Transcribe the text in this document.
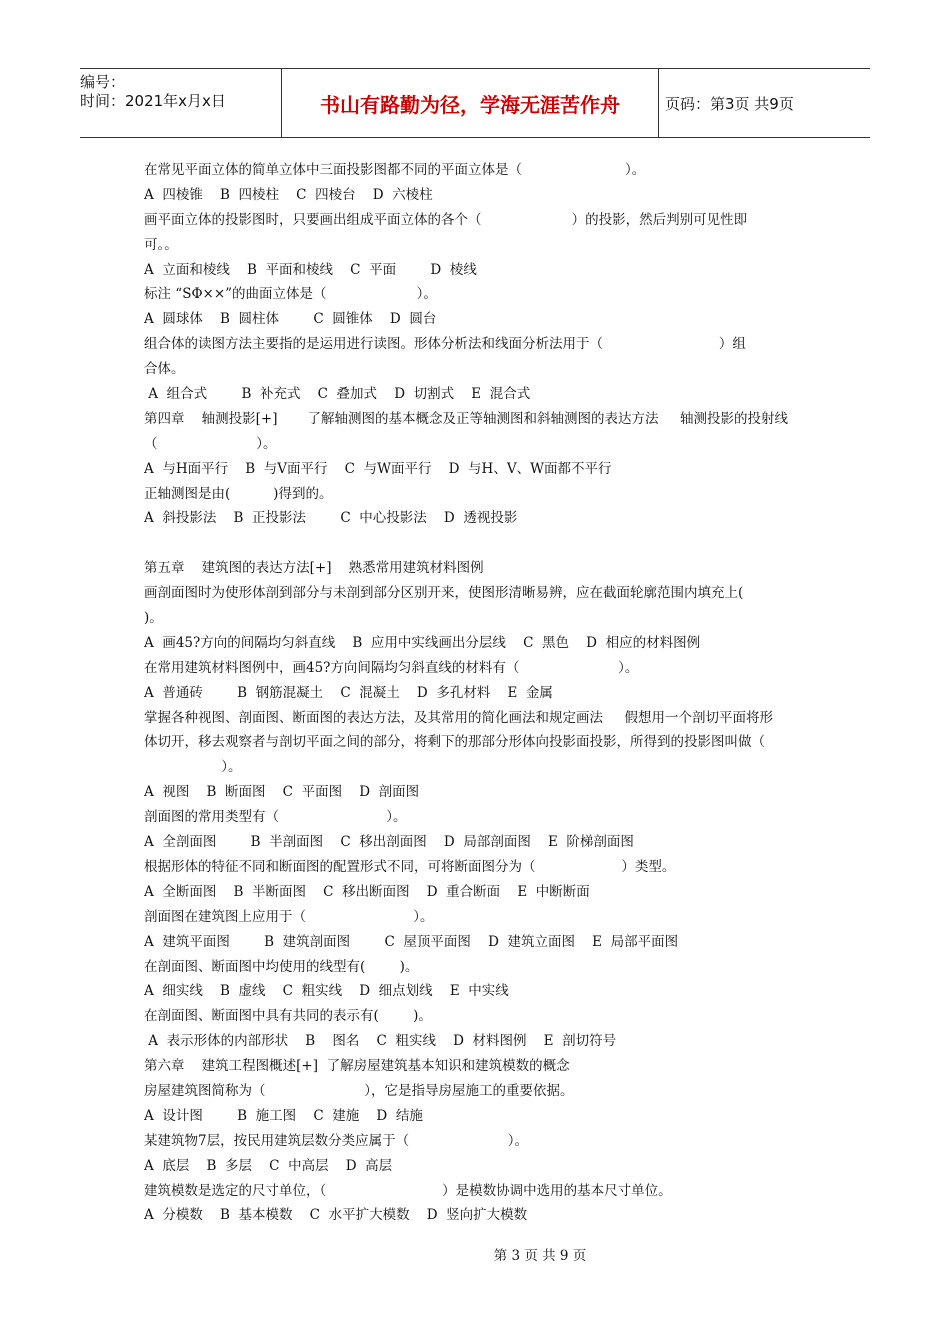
编号：
时间：2021年x月x日	书山有路勤为径，学海无涯苦作舟	页码：第3页 共9页
在常见平面立体的简单立体中三面投影图都不同的平面立体是（                        ）。
A  四棱锥    B  四棱柱    C  四棱台    D  六棱柱
画平面立体的投影图时，只要画出组成平面立体的各个（                     ）的投影，然后判别可见性即
可。。
A  立面和棱线    B  平面和棱线    C  平面        D  棱线
标注 “SΦ××”的曲面立体是（                     ）。
A  圆球体    B  圆柱体        C  圆锥体    D  圆台
组合体的读图方法主要指的是运用进行读图。形体分析法和线面分析法用于（                           ）组
合体。
A  组合式        B  补充式    C  叠加式    D  切割式    E  混合式
第四章    轴测投影[+]       了解轴测图的基本概念及正等轴测图和斜轴测图的表达方法     轴测投影的投射线
（                       ）。
A  与H面平行    B  与V面平行    C  与W面平行    D  与H、V、W面都不平行
正轴测图是由(          )得到的。
A  斜投影法    B  正投影法        C  中心投影法    D  透视投影
第五章    建筑图的表达方法[+]    熟悉常用建筑材料图例
画剖面图时为使形体剖到部分与未剖到部分区别开来，使图形清晰易辨，应在截面轮廓范围内填充上(
)。
A  画45?方向的间隔均匀斜直线    B  应用中实线画出分层线    C  黑色    D  相应的材料图例
在常用建筑材料图例中，画45?方向间隔均匀斜直线的材料有（                       ）。
A  普通砖        B  钢筋混凝土    C  混凝土    D  多孔材料    E  金属
掌握各种视图、剖面图、断面图的表达方法，及其常用的简化画法和规定画法     假想用一个剖切平面将形
体切开，移去观察者与剖切平面之间的部分，将剩下的那部分形体向投影面投影，所得到的投影图叫做（
）。
A  视图    B  断面图    C  平面图    D  剖面图
剖面图的常用类型有（                         ）。
A  全剖面图        B  半剖面图    C  移出剖面图    D  局部剖面图    E  阶梯剖面图
根据形体的特征不同和断面图的配置形式不同，可将断面图分为（                    ）类型。
A  全断面图    B  半断面图    C  移出断面图    D  重合断面    E  中断断面
剖面图在建筑图上应用于（                         ）。
A  建筑平面图        B  建筑剖面图        C  屋顶平面图    D  建筑立面图    E  局部平面图
在剖面图、断面图中均使用的线型有(        )。
A  细实线    B  虚线    C  粗实线    D  细点划线    E  中实线
在剖面图、断面图中具有共同的表示有(        )。
A  表示形体的内部形状    B    图名    C  粗实线    D  材料图例    E  剖切符号
第六章    建筑工程图概述[+]  了解房屋建筑基本知识和建筑模数的概念
房屋建筑图简称为（                       ），它是指导房屋施工的重要依据。
A  设计图        B  施工图    C  建施    D  结施
某建筑物7层，按民用建筑层数分类应属于（                       ）。
A  底层    B  多层    C  中高层    D  高层
建筑模数是选定的尺寸单位，（                           ）是模数协调中选用的基本尺寸单位。
A  分模数    B  基本模数    C  水平扩大模数    D  竖向扩大模数
第 3 页 共 9 页
